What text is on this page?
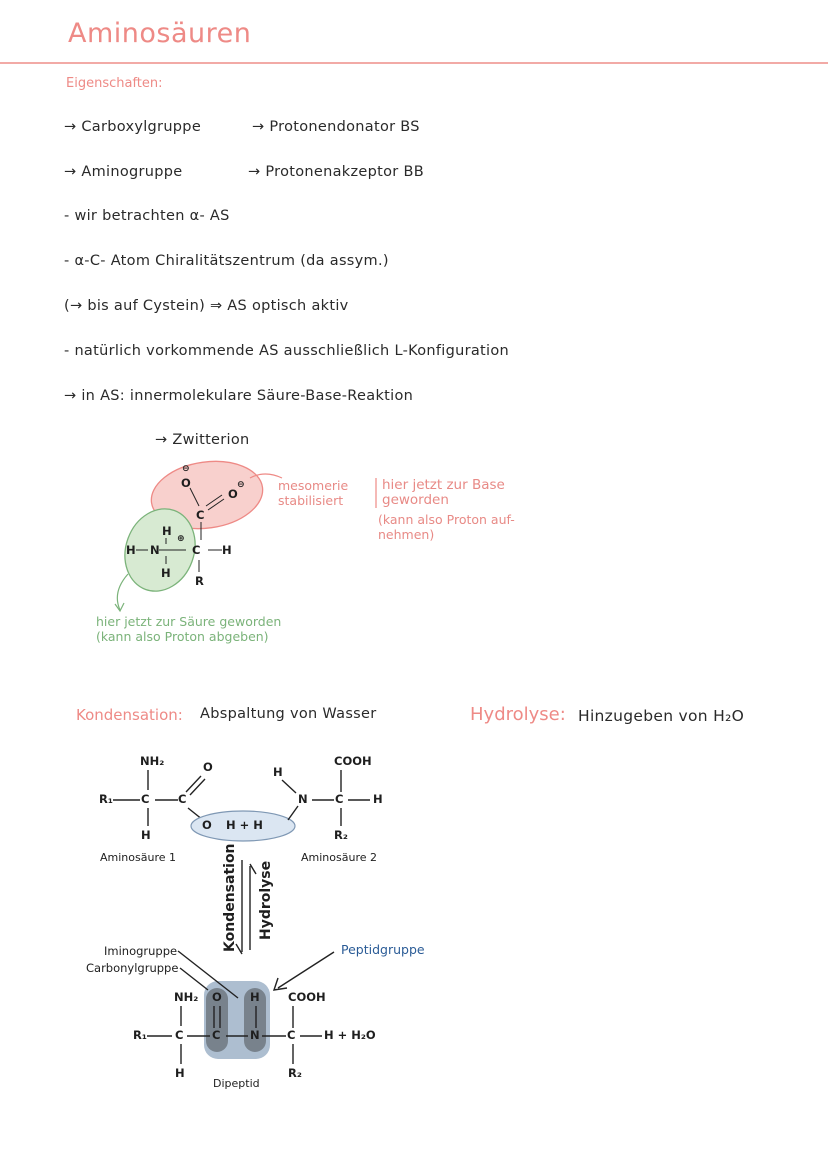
Aminosäuren
Eigenschaften:
→ Carboxylgruppe	→ Protonendonator BS
→ Aminogruppe	→ Protonenakzeptor BB
- wir betrachten α- AS
- α-C- Atom Chiralitätszentrum (da assym.)
(→ bis auf Cystein) ⇒ AS optisch aktiv
- natürlich vorkommende AS ausschließlich L-Konfiguration
→ in AS: innermolekulare Säure-Base-Reaktion
→ Zwitterion
⊖
O
O
⊖
C
H
⊕
H N	C H
H
R
mesomerie
stabilisiert
hier jetzt zur Base
geworden
(kann also Proton auf-
nehmen)
hier jetzt zur Säure geworden
(kann also Proton abgeben)
Kondensation: Abspaltung von Wasser	Hydrolyse: Hinzugeben von H₂O
NH₂	O
R₁ C C
H
O H + H
Aminosäure 1
H
N C
COOH
H
R₂
Aminosäure 2
Kondensation Hydrolyse
Iminogruppe
Carbonylgruppe
Peptidgruppe
NH₂ O H COOH
R₁ C C	N C H + H₂O
H	R₂
Dipeptid
